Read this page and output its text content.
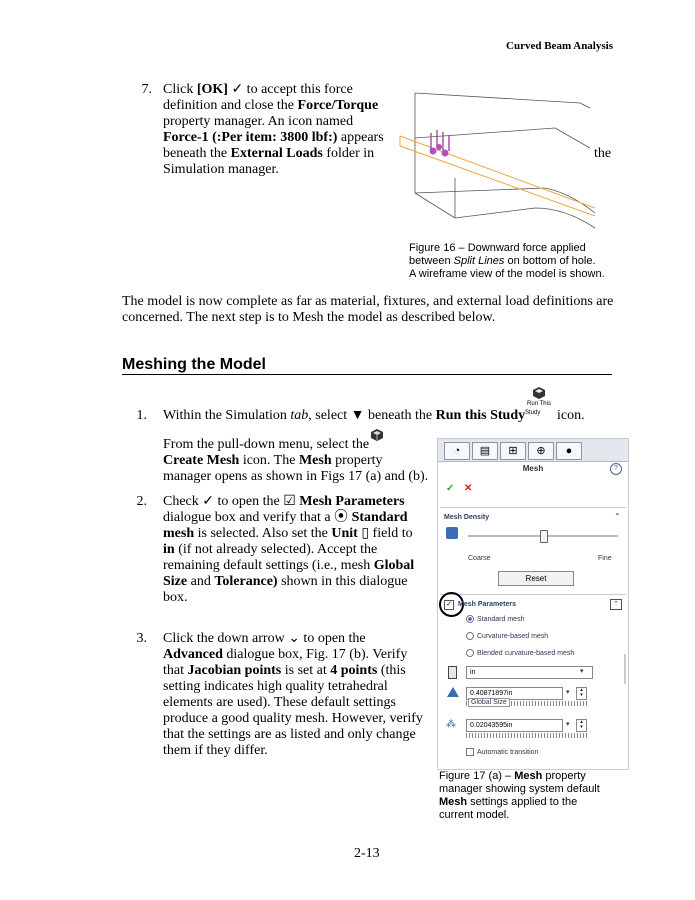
Curved Beam Analysis
7. Click [OK] ✓ to accept this force
definition and close the Force/Torque
property manager. An icon named
Force-1 (:Per item: 3800 lbf:) appears
beneath the External Loads folder in
Simulation manager.
the
Figure 16 – Downward force applied
between Split Lines on bottom of hole.
A wireframe view of the model is shown.
The model is now complete as far as material, fixtures, and external load definitions are
concerned. The next step is to Mesh the model as described below.
Meshing the Model
Run This
Study
1. Within the Simulation tab, select ▼ beneath the Run this Study icon.
From the pull-down menu, select the
Create Mesh icon. The Mesh property
manager opens as shown in Figs 17 (a) and (b).
2. Check ✓ to open the ☑ Mesh Parameters
dialogue box and verify that a ⦿ Standard
mesh is selected. Also set the Unit ▯ field to
in (if not already selected). Accept the
remaining default settings (i.e., mesh Global
Size and Tolerance) shown in this dialogue
box.
3. Click the down arrow ⌄ to open the
Advanced dialogue box, Fig. 17 (b). Verify
that Jacobian points is set at 4 points (this
setting indicates high quality tetrahedral
elements are used). These default settings
produce a good quality mesh. However, verify
that the settings are as listed and only change
them if they differ.
◔	▤	⊞	⊕	●
Mesh	?
✓ ✕
Mesh Density	⌃
Coarse	Fine
Reset
✓ Mesh Parameters	⌃
Standard mesh
Curvature-based mesh
Blended curvature-based mesh
in	▾
0.40871897in	▾	▴
▾
Global Size
⁂	0.02043595in	▾	▴
▾
Automatic transition
Figure 17 (a) – Mesh property
manager showing system default
Mesh settings applied to the
current model.
2-13
